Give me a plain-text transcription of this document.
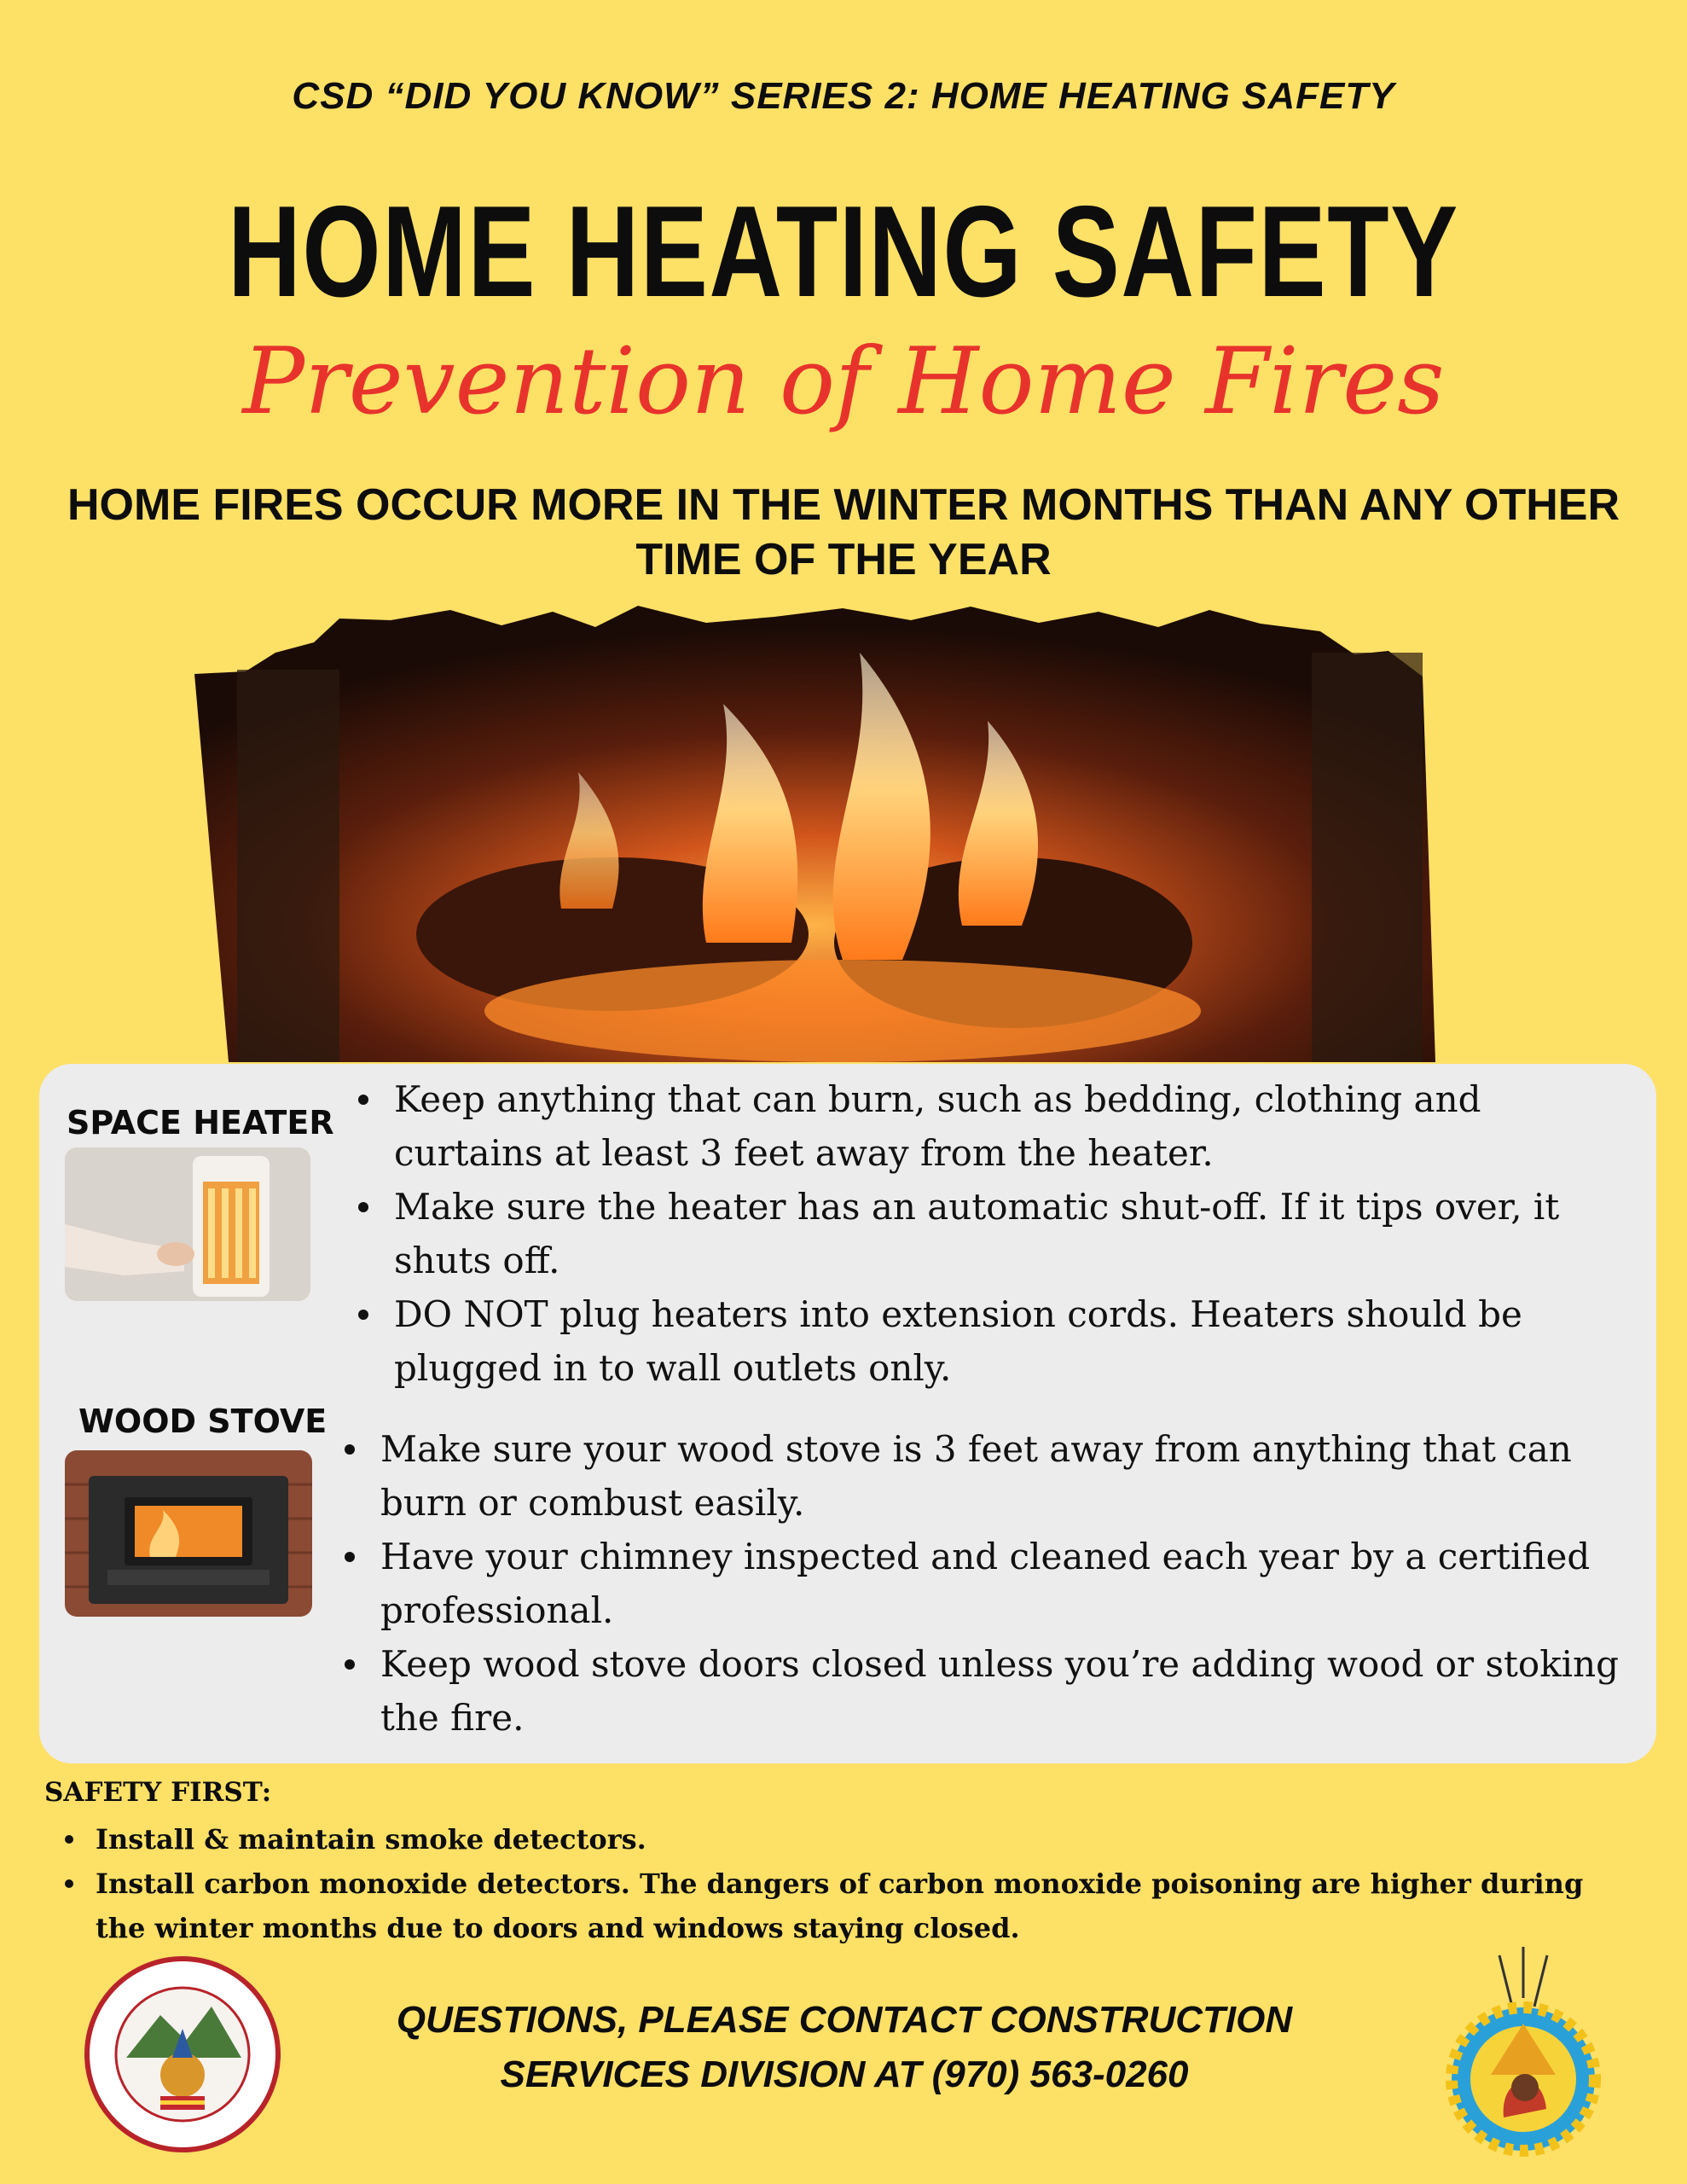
CSD “DID YOU KNOW” SERIES 2: HOME HEATING SAFETY
HOME HEATING SAFETY
Prevention of Home Fires
HOME FIRES OCCUR MORE IN THE WINTER MONTHS THAN ANY OTHER TIME OF THE YEAR
SPACE HEATER
Keep anything that can burn, such as bedding, clothing and curtains at least 3 feet away from the heater.
Make sure the heater has an automatic shut-off. If it tips over, it shuts off.
DO NOT plug heaters into extension cords. Heaters should be plugged in to wall outlets only.
WOOD STOVE
Make sure your wood stove is 3 feet away from anything that can burn or combust easily.
Have your chimney inspected and cleaned each year by a certified professional.
Keep wood stove doors closed unless you’re adding wood or stoking the fire.
SAFETY FIRST:
Install & maintain smoke detectors.
Install carbon monoxide detectors. The dangers of carbon monoxide poisoning are higher during the winter months due to doors and windows staying closed.
QUESTIONS, PLEASE CONTACT CONSTRUCTION
SERVICES DIVISION AT (970) 563-0260
